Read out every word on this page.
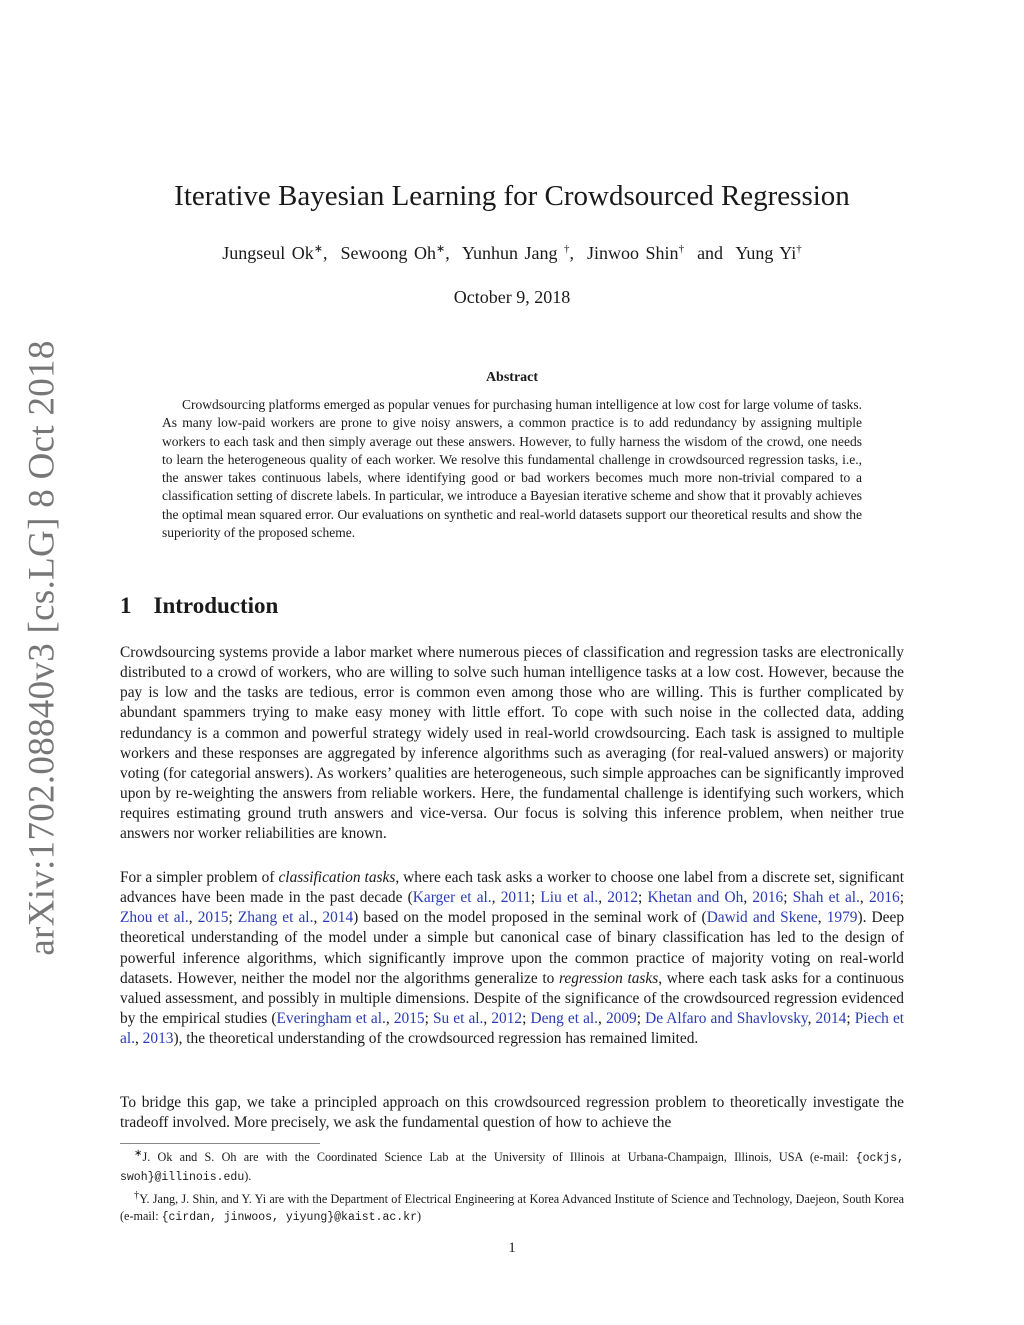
arXiv:1702.08840v3 [cs.LG] 8 Oct 2018
Iterative Bayesian Learning for Crowdsourced Regression
Jungseul Ok∗,  Sewoong Oh∗,  Yunhun Jang †,  Jinwoo Shin† and Yung Yi†
October 9, 2018
Abstract
Crowdsourcing platforms emerged as popular venues for purchasing human intelligence at low cost for large volume of tasks. As many low-paid workers are prone to give noisy answers, a common practice is to add redundancy by assigning multiple workers to each task and then simply average out these answers. However, to fully harness the wisdom of the crowd, one needs to learn the heterogeneous quality of each worker. We resolve this fundamental challenge in crowdsourced regression tasks, i.e., the answer takes continuous labels, where identifying good or bad workers becomes much more non-trivial compared to a classification setting of discrete labels. In particular, we introduce a Bayesian iterative scheme and show that it provably achieves the optimal mean squared error. Our evaluations on synthetic and real-world datasets support our theoretical results and show the superiority of the proposed scheme.
1 Introduction

Crowdsourcing systems provide a labor market where numerous pieces of classification and regression tasks are electronically distributed to a crowd of workers, who are willing to solve such human intelligence tasks at a low cost. However, because the pay is low and the tasks are tedious, error is common even among those who are willing. This is further complicated by abundant spammers trying to make easy money with little effort. To cope with such noise in the collected data, adding redundancy is a common and powerful strategy widely used in real-world crowdsourcing. Each task is assigned to multiple workers and these responses are aggregated by inference algorithms such as averaging (for real-valued answers) or majority voting (for categorial answers). As workers’ qualities are heterogeneous, such simple approaches can be significantly improved upon by re-weighting the answers from reliable workers. Here, the fundamental challenge is identifying such workers, which requires estimating ground truth answers and vice-versa. Our focus is solving this inference problem, when neither true answers nor worker reliabilities are known.

For a simpler problem of classification tasks, where each task asks a worker to choose one label from a discrete set, significant advances have been made in the past decade (Karger et al., 2011; Liu et al., 2012; Khetan and Oh, 2016; Shah et al., 2016; Zhou et al., 2015; Zhang et al., 2014) based on the model proposed in the seminal work of (Dawid and Skene, 1979). Deep theoretical understanding of the model under a simple but canonical case of binary classification has led to the design of powerful inference algorithms, which significantly improve upon the common practice of majority voting on real-world datasets. However, neither the model nor the algorithms generalize to regression tasks, where each task asks for a continuous valued assessment, and possibly in multiple dimensions. Despite of the significance of the crowdsourced regression evidenced by the empirical studies (Everingham et al., 2015; Su et al., 2012; Deng et al., 2009; De Alfaro and Shavlovsky, 2014; Piech et al., 2013), the theoretical understanding of the crowdsourced regression has remained limited.

To bridge this gap, we take a principled approach on this crowdsourced regression problem to theoretically investigate the tradeoff involved. More precisely, we ask the fundamental question of how to achieve the

∗J. Ok and S. Oh are with the Coordinated Science Lab at the University of Illinois at Urbana-Champaign, Illinois, USA (e-mail: {ockjs, swoh}@illinois.edu).

†Y. Jang, J. Shin, and Y. Yi are with the Department of Electrical Engineering at Korea Advanced Institute of Science and Technology, Daejeon, South Korea (e-mail: {cirdan, jinwoos, yiyung}@kaist.ac.kr)

1
